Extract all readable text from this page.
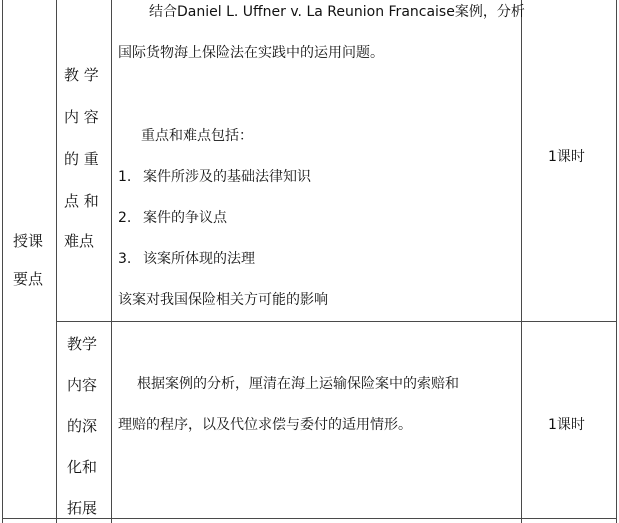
授课
要点
教 学
内 容
的 重
点 和
难点
结合Daniel L. Uffner v. La Reunion Francaise案例，分析
国际货物海上保险法在实践中的运用问题。
重点和难点包括：
1. 案件所涉及的基础法律知识
2. 案件的争议点
3. 该案所体现的法理
该案对我国保险相关方可能的影响
1课时
教学
内容
的深
化和
拓展
根据案例的分析，厘清在海上运输保险案中的索赔和
理赔的程序，以及代位求偿与委付的适用情形。	1课时
